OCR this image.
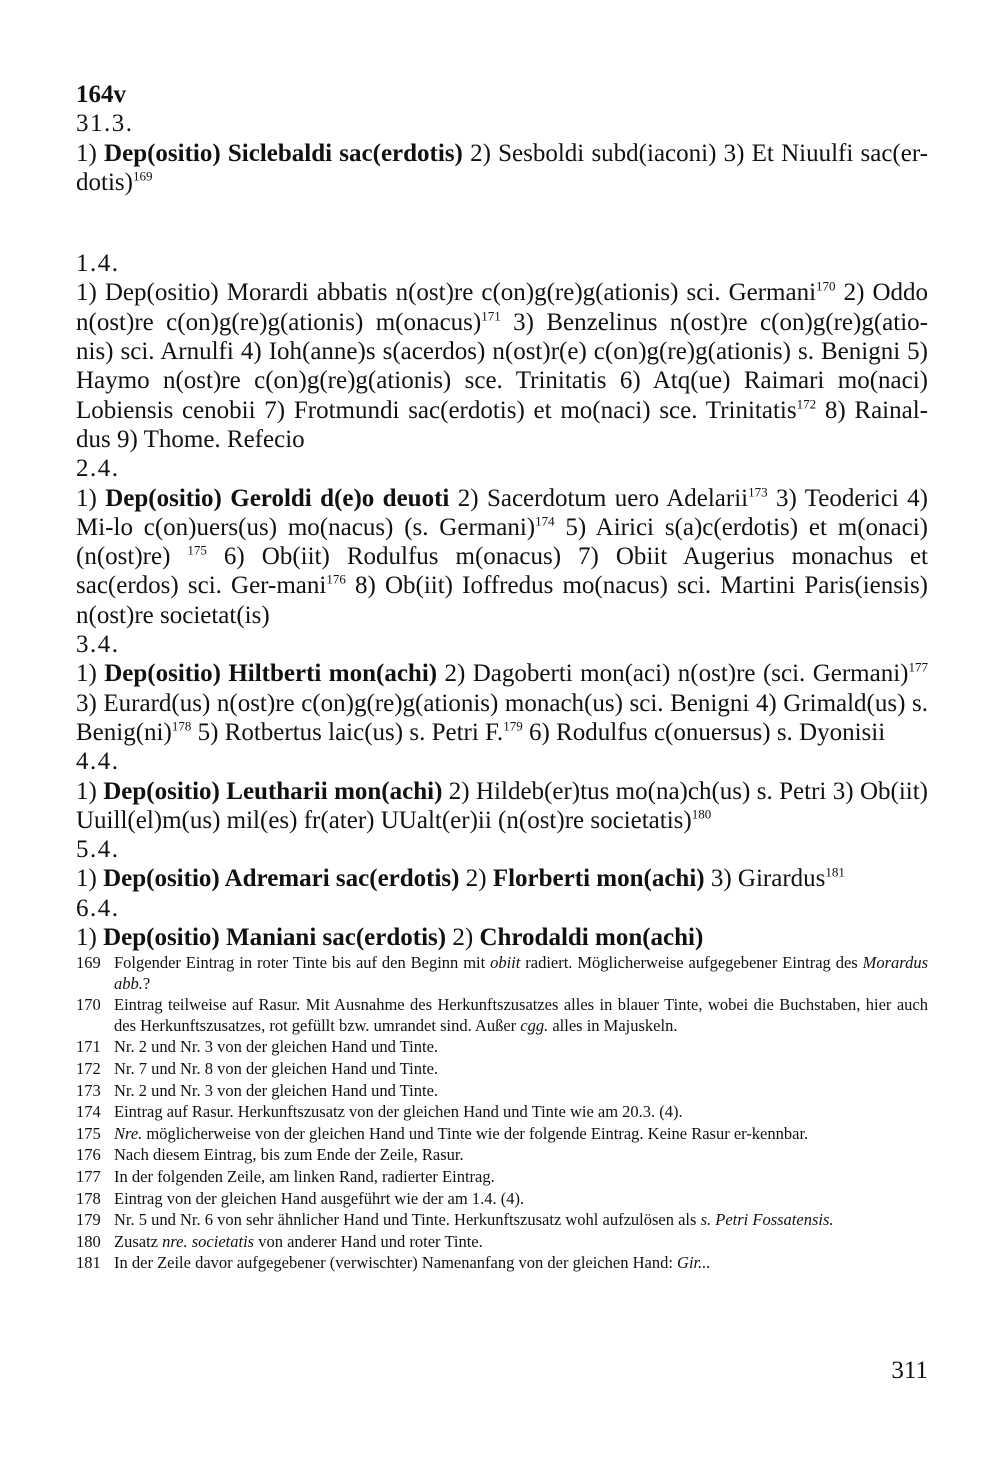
164v
31.3.
1) Dep(ositio) Siclebaldi sac(erdotis) 2) Sesboldi subd(iaconi) 3) Et Niuulfi sac(er-dotis)$^{169}$
1.4.
1) Dep(ositio) Morardi abbatis n(ost)re c(on)g(re)g(ationis) sci. Germani$^{170}$ 2) Oddo n(ost)re c(on)g(re)g(ationis) m(onacus)$^{171}$ 3) Benzelinus n(ost)re c(on)g(re)g(atio-nis) sci. Arnulfi 4) Ioh(anne)s s(acerdos) n(ost)r(e) c(on)g(re)g(ationis) s. Benigni 5) Haymo n(ost)re c(on)g(re)g(ationis) sce. Trinitatis 6) Atq(ue) Raimari mo(naci) Lobiensis cenobii 7) Frotmundi sac(erdotis) et mo(naci) sce. Trinitatis$^{172}$ 8) Rainal-dus 9) Thome. Refecio
2.4.
1) Dep(ositio) Geroldi d(e)o deuoti 2) Sacerdotum uero Adelarii$^{173}$ 3) Teoderici 4) Mi-lo c(on)uers(us) mo(nacus) (s. Germani)$^{174}$ 5) Airici s(a)c(erdotis) et m(onaci) (n(ost)re) $^{175}$ 6) Ob(iit) Rodulfus m(onacus) 7) Obiit Augerius monachus et sac(erdos) sci. Ger-mani$^{176}$ 8) Ob(iit) Ioffredus mo(nacus) sci. Martini Paris(iensis) n(ost)re societat(is)
3.4.
1) Dep(ositio) Hiltberti mon(achi) 2) Dagoberti mon(aci) n(ost)re (sci. Germani)$^{177}$ 3) Eurard(us) n(ost)re c(on)g(re)g(ationis) monach(us) sci. Benigni 4) Grimald(us) s. Benig(ni)$^{178}$ 5) Rotbertus laic(us) s. Petri F.$^{179}$ 6) Rodulfus c(onuersus) s. Dyonisii
4.4.
1) Dep(ositio) Leutharii mon(achi) 2) Hildeb(er)tus mo(na)ch(us) s. Petri 3) Ob(iit) Uuill(el)m(us) mil(es) fr(ater) UUalt(er)ii (n(ost)re societatis)$^{180}$
5.4.
1) Dep(ositio) Adremari sac(erdotis) 2) Florberti mon(achi) 3) Girardus$^{181}$
6.4.
1) Dep(ositio) Maniani sac(erdotis) 2) Chrodaldi mon(achi)
169 Folgender Eintrag in roter Tinte bis auf den Beginn mit obiit radiert. Möglicherweise aufgegebener Eintrag des Morardus abb.?
170 Eintrag teilweise auf Rasur. Mit Ausnahme des Herkunftszusatzes alles in blauer Tinte, wobei die Buchstaben, hier auch des Herkunftszusatzes, rot gefüllt bzw. umrandet sind. Außer cgg. alles in Majuskeln.
171 Nr. 2 und Nr. 3 von der gleichen Hand und Tinte.
172 Nr. 7 und Nr. 8 von der gleichen Hand und Tinte.
173 Nr. 2 und Nr. 3 von der gleichen Hand und Tinte.
174 Eintrag auf Rasur. Herkunftszusatz von der gleichen Hand und Tinte wie am 20.3. (4).
175 Nre. möglicherweise von der gleichen Hand und Tinte wie der folgende Eintrag. Keine Rasur er-kennbar.
176 Nach diesem Eintrag, bis zum Ende der Zeile, Rasur.
177 In der folgenden Zeile, am linken Rand, radierter Eintrag.
178 Eintrag von der gleichen Hand ausgeführt wie der am 1.4. (4).
179 Nr. 5 und Nr. 6 von sehr ähnlicher Hand und Tinte. Herkunftszusatz wohl aufzulösen als s. Petri Fossatensis.
180 Zusatz nre. societatis von anderer Hand und roter Tinte.
181 In der Zeile davor aufgegebener (verwischter) Namenanfang von der gleichen Hand: Gir...
311
